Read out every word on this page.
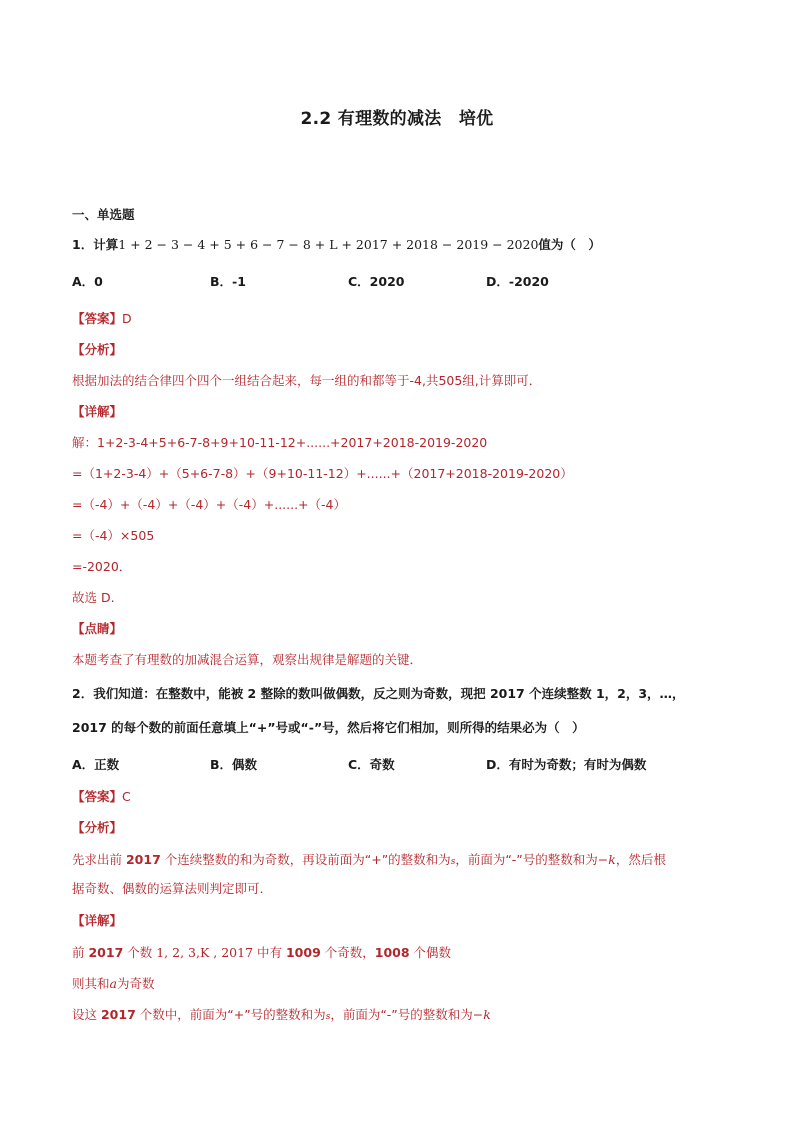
2.2 有理数的减法　培优
一、单选题
1．计算1 + 2 − 3 − 4 + 5 + 6 − 7 − 8 + L + 2017 + 2018 − 2019 − 2020值为（　）
A．0	B．-1	C．2020	D．-2020
【答案】D
【分析】
根据加法的结合律四个四个一组结合起来，每一组的和都等于-4,共505组,计算即可．
【详解】
解：1+2-3-4+5+6-7-8+9+10-11-12+......+2017+2018-2019-2020
=（1+2-3-4）+（5+6-7-8）+（9+10-11-12）+......+（2017+2018-2019-2020）
=（-4）+（-4）+（-4）+（-4）+......+（-4）
=（-4）×505
=-2020．
故选 D.
【点睛】
本题考查了有理数的加减混合运算，观察出规律是解题的关键．
2．我们知道：在整数中，能被 2 整除的数叫做偶数，反之则为奇数，现把 2017 个连续整数 1，2，3，…，
2017 的每个数的前面任意填上“+”号或“-”号，然后将它们相加，则所得的结果必为（　）
A．正数	B．偶数	C．奇数	D．有时为奇数；有时为偶数
【答案】C
【分析】
先求出前 2017 个连续整数的和为奇数，再设前面为“+”的整数和为s，前面为“-”号的整数和为−k，然后根
据奇数、偶数的运算法则判定即可.
【详解】
前 2017 个数 1, 2, 3,K , 2017 中有 1009 个奇数，1008 个偶数
则其和a为奇数
设这 2017 个数中，前面为“+”号的整数和为s，前面为“-”号的整数和为−k
